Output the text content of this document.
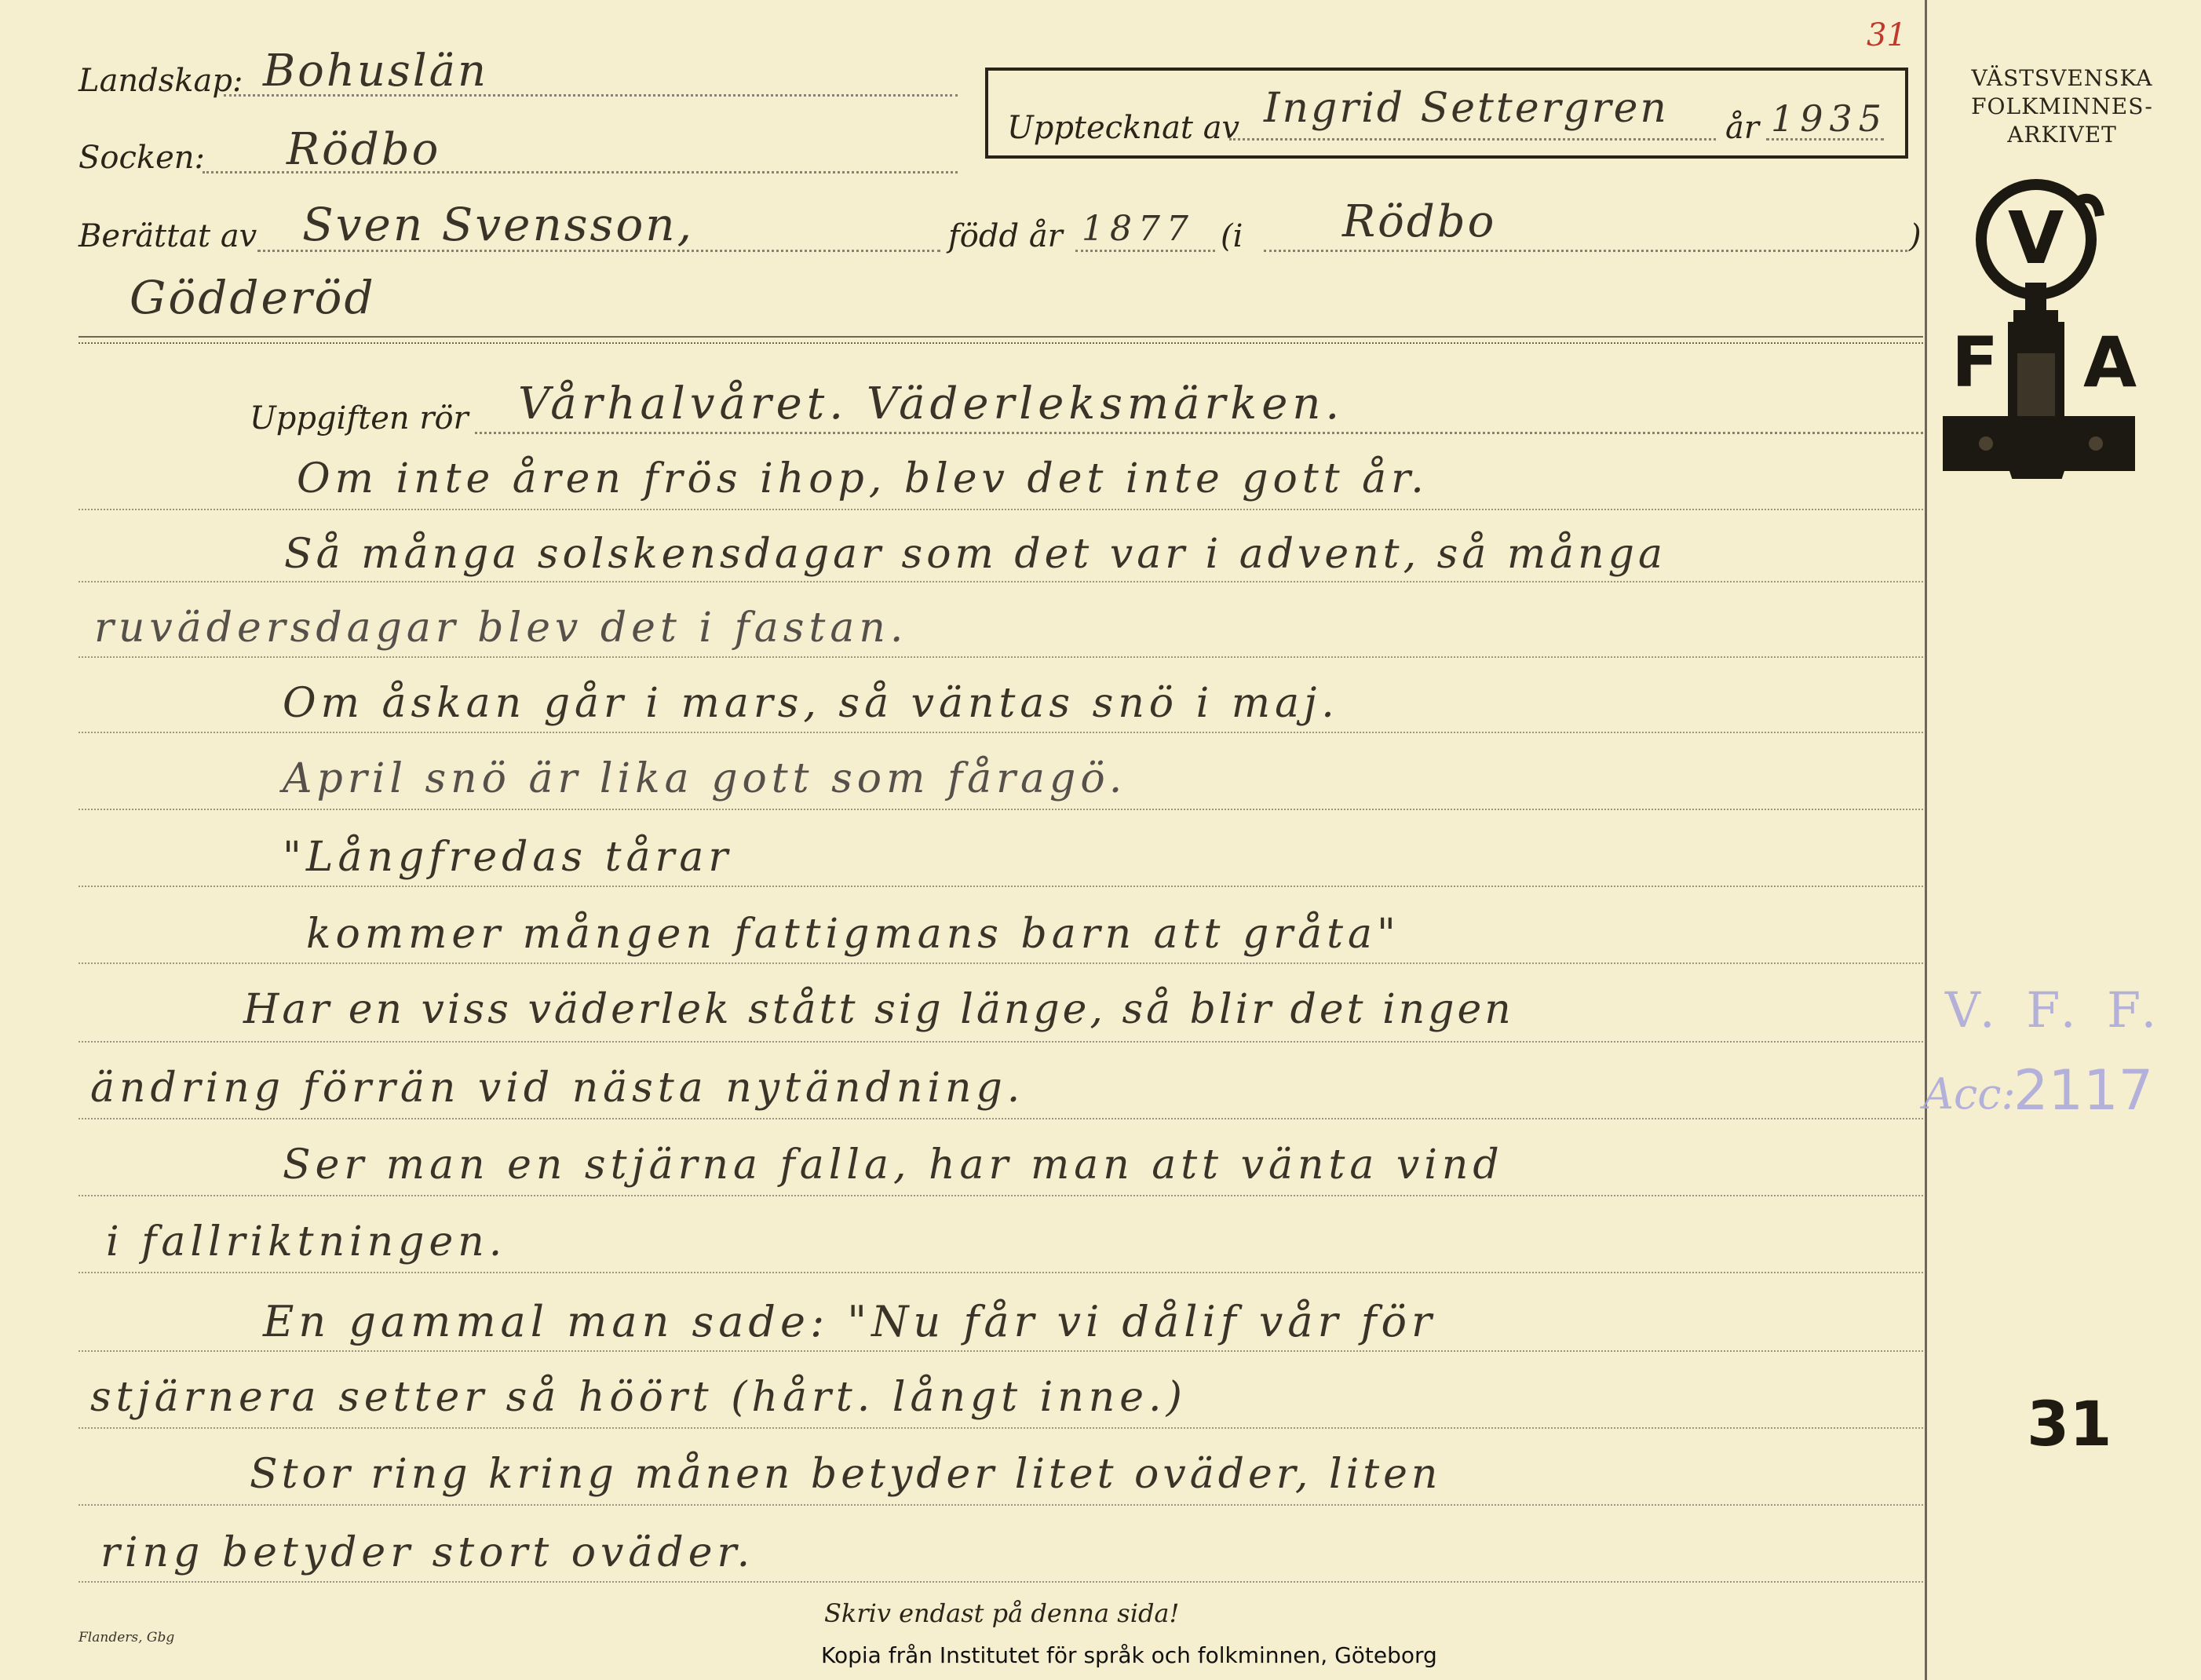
31
Landskap: Bohuslän
Socken: Rödbo	Upptecknat av Ingrid Settergren år 1935
Berättat av Sven Svensson,	född år 1877 (i Rödbo	)
Gödderöd
Uppgiften rör Vårhalvåret. Väderleksmärken.
Om inte åren frös ihop, blev det inte gott år.
Så många solskensdagar som det var i advent, så många
ruvädersdagar blev det i fastan.
Om åskan går i mars, så väntas snö i maj.
April snö är lika gott som fåragö.
"Långfredas tårar
kommer mången fattigmans barn att gråta"
Har en viss väderlek stått sig länge, så blir det ingen
ändring förrän vid nästa nytändning.
Ser man en stjärna falla, har man att vänta vind
i fallriktningen.
En gammal man sade: "Nu får vi dålif vår för
stjärnera setter så höört (hårt. långt inne.)
Stor ring kring månen betyder litet oväder, liten
ring betyder stort oväder.
Skriv endast på denna sida!
Flanders, Gbg
Kopia från Institutet för språk och folkminnen, Göteborg
VÄSTSVENSKA
FOLKMINNES-
ARKIVET
V
F A
V. F. F.
Acc:
2117
31
